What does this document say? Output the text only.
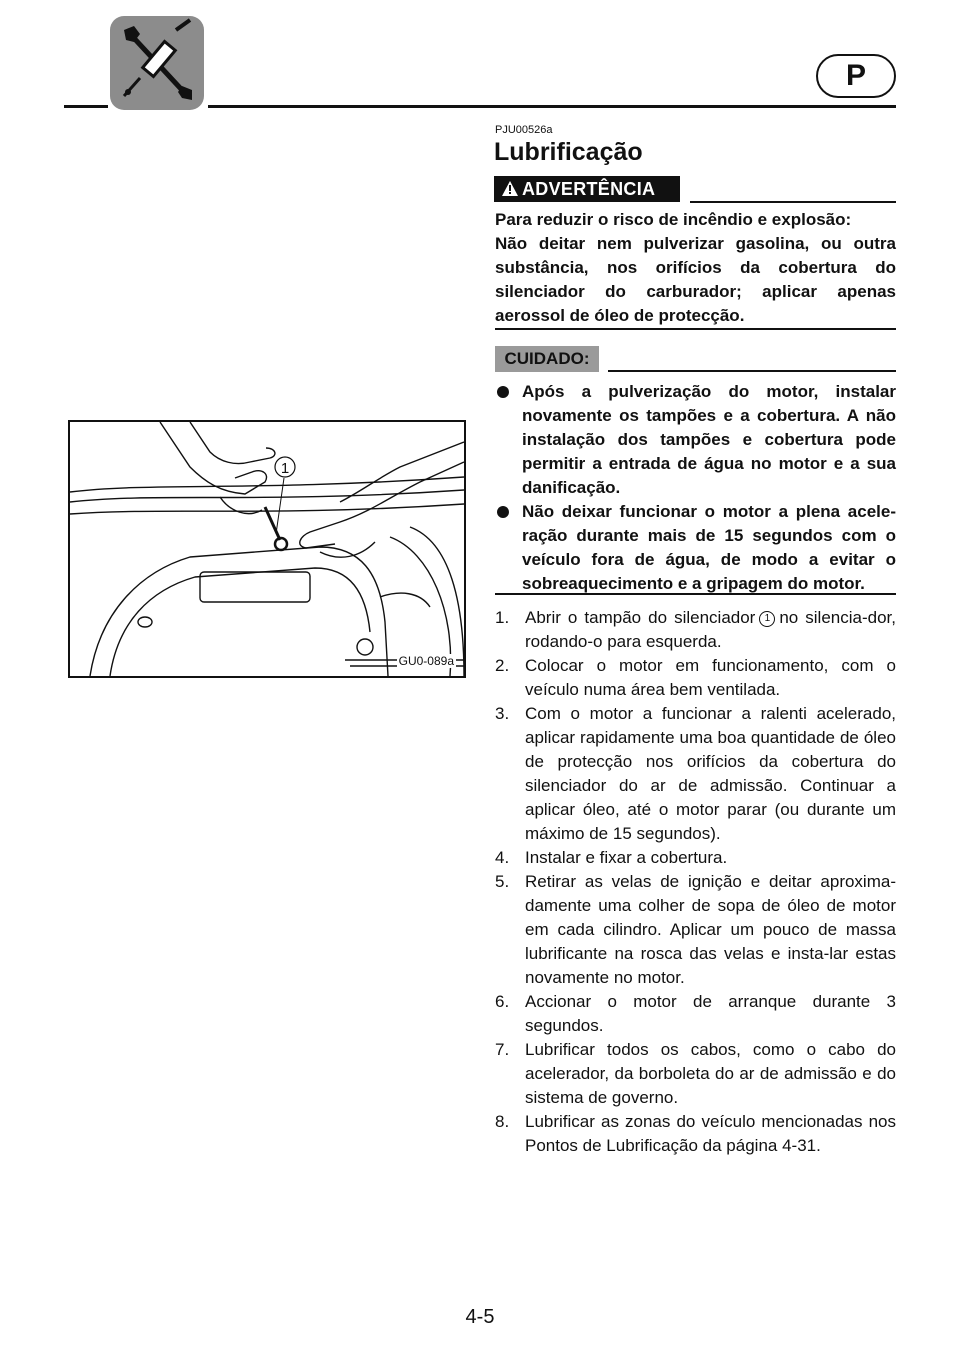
P
PJU00526a
Lubrificação
ADVERTÊNCIA

Para reduzir o risco de incêndio e explosão:

Não deitar nem pulverizar gasolina, ou outra substância, nos orifícios da cobertura do silenciador do carburador; aplicar apenas aerossol de óleo de protecção.

CUIDADO:
Após a pulverização do motor, instalar novamente os tampões e a cobertura. A não instalação dos tampões e cobertura pode permitir a entrada de água no motor e a sua danificação.
Não deixar funcionar o motor a plena acele-ração durante mais de 15 segundos com o veículo fora de água, de modo a evitar o sobreaquecimento e a gripagem do motor.
1. Abrir o tampão do silenciador 1 no silencia-dor, rodando-o para esquerda.
2. Colocar o motor em funcionamento, com o veículo numa área bem ventilada.
3. Com o motor a funcionar a ralenti acelerado, aplicar rapidamente uma boa quantidade de óleo de protecção nos orifícios da cobertura do silenciador do ar de admissão. Continuar a aplicar óleo, até o motor parar (ou durante um máximo de 15 segundos).
4. Instalar e fixar a cobertura.
5. Retirar as velas de ignição e deitar aproxima-damente uma colher de sopa de óleo de motor em cada cilindro. Aplicar um pouco de massa lubrificante na rosca das velas e insta-lar estas novamente no motor.
6. Accionar o motor de arranque durante 3 segundos.
7. Lubrificar todos os cabos, como o cabo do acelerador, da borboleta do ar de admissão e do sistema de governo.
8. Lubrificar as zonas do veículo mencionadas nos Pontos de Lubrificação da página 4-31.
1
GU0-089a
4-5
